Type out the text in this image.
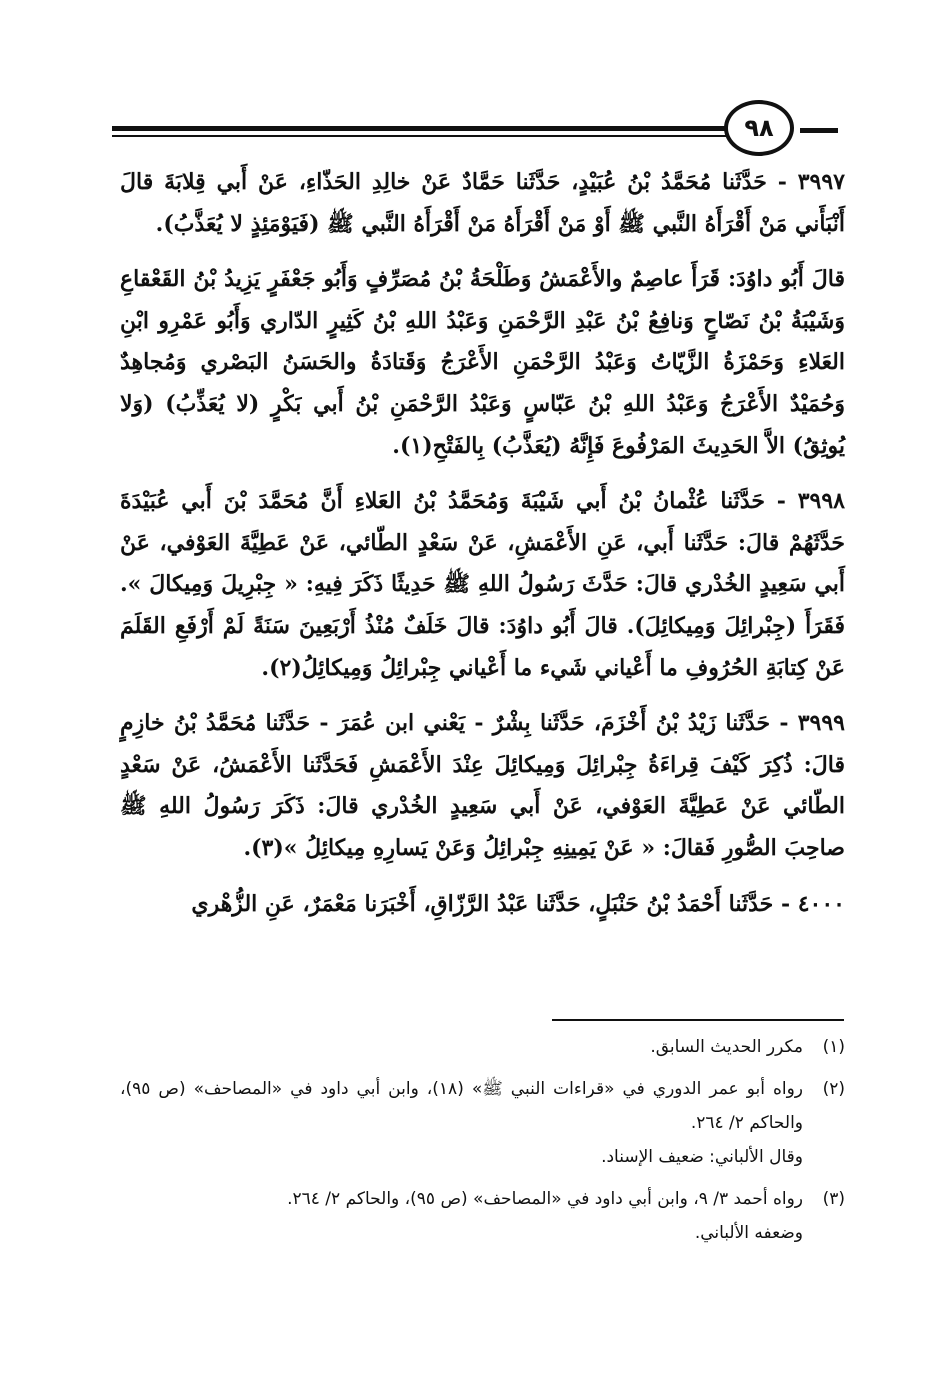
٩٨

٣٩٩٧ - حَدَّثَنا مُحَمَّدُ بْنُ عُبَيْدٍ، حَدَّثَنا حَمَّادٌ عَنْ خالِدِ الحَذّاءِ، عَنْ أَبي قِلابَةَ قالَ أَنْبَأَني مَنْ أَقْرَأَهُ النَّبي ﷺ أَوْ مَنْ أَقْرَأَهُ مَنْ أَقْرَأَهُ النَّبي ﷺ (فَيَوْمَئِذٍ لا يُعَذَّبُ).

قالَ أَبُو داوُدَ: قَرَأَ عاصِمٌ والأَعْمَشُ وَطَلْحَةُ بْنُ مُصَرِّفٍ وَأَبُو جَعْفَرٍ يَزِيدُ بْنُ القَعْقاعِ وَشَيْبَةُ بْنُ نَصّاحٍ وَنافِعُ بْنُ عَبْدِ الرَّحْمَنِ وَعَبْدُ اللهِ بْنُ كَثِيرٍ الدّاري وَأَبُو عَمْرِو ابْنِ العَلاءِ وَحَمْزَةُ الزَّيّاتُ وَعَبْدُ الرَّحْمَنِ الأَعْرَجُ وَقَتادَةُ والحَسَنُ البَصْري وَمُجاهِدٌ وَحُمَيْدٌ الأَعْرَجُ وَعَبْدُ اللهِ بْنُ عَبّاسٍ وَعَبْدُ الرَّحْمَنِ بْنُ أَبي بَكْرٍ (لا يُعَذِّبُ) (وَلا يُوثِقُ) الاَّ الحَدِيثَ المَرْفُوعَ فَإِنَّهُ (يُعَذَّبُ) بِالفَتْحِ(١).

٣٩٩٨ - حَدَّثَنا عُثْمانُ بْنُ أَبي شَيْبَةَ وَمُحَمَّدُ بْنُ العَلاءِ أَنَّ مُحَمَّدَ بْنَ أَبي عُبَيْدَةَ حَدَّثَهُمْ قالَ: حَدَّثَنا أَبي، عَنِ الأَعْمَشِ، عَنْ سَعْدٍ الطّائي، عَنْ عَطِيَّةَ العَوْفي، عَنْ أَبي سَعِيدٍ الخُدْري قالَ: حَدَّثَ رَسُولُ اللهِ ﷺ حَدِيثًا ذَكَرَ فِيهِ: « جِبْرِيلَ وَمِيكالَ ». فَقَرَأَ (جِبْرائِلَ وَمِيكائِلَ). قالَ أَبُو داوُدَ: قالَ خَلَفٌ مُنْذُ أَرْبَعِينَ سَنَةً لَمْ أَرْفَعِ القَلَمَ عَنْ كِتابَةِ الحُرُوفِ ما أَعْياني شَيء ما أَعْياني جِبْرائِلُ وَمِيكائِلُ(٢).

٣٩٩٩ - حَدَّثَنا زَيْدُ بْنُ أَخْزَمَ، حَدَّثَنا بِشْرٌ - يَعْني ابن عُمَرَ - حَدَّثَنا مُحَمَّدُ بْنُ خازِمٍ قالَ: ذُكِرَ كَيْفَ قِراءَةُ جِبْرائِلَ وَمِيكائِلَ عِنْدَ الأَعْمَشِ فَحَدَّثَنا الأَعْمَشُ، عَنْ سَعْدٍ الطّائي عَنْ عَطِيَّةَ العَوْفي، عَنْ أَبي سَعِيدٍ الخُدْري قالَ: ذَكَرَ رَسُولُ اللهِ ﷺ صاحِبَ الصُّورِ فَقالَ: « عَنْ يَمِينِهِ جِبْرائِلُ وَعَنْ يَسارِهِ مِيكائِلُ »(٣).

٤٠٠٠ - حَدَّثَنا أَحْمَدُ بْنُ حَنْبَلٍ، حَدَّثَنا عَبْدُ الرَّزّاقِ، أَخْبَرَنا مَعْمَرٌ، عَنِ الزُّهْري

(١)
مكرر الحديث السابق.
(٢)
رواه أبو عمر الدوري في «قراءات النبي ﷺ» (١٨)، وابن أبي داود في «المصاحف» (ص ٩٥)، والحاكم ٢/ ٢٦٤.
وقال الألباني: ضعيف الإسناد.
(٣)
رواه أحمد ٣/ ٩، وابن أبي داود في «المصاحف» (ص ٩٥)، والحاكم ٢/ ٢٦٤.
وضعفه الألباني.
